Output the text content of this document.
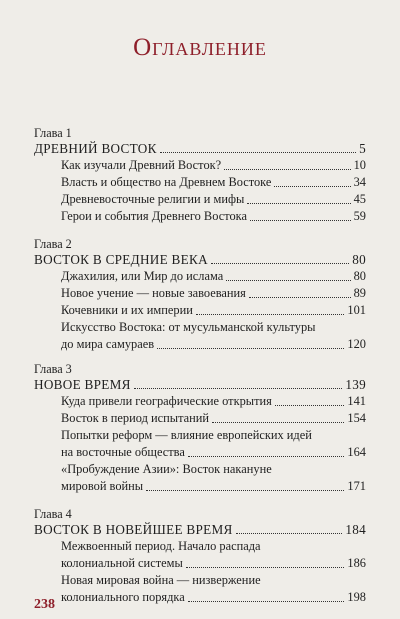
Оглавление
Глава 1
ДРЕВНИЙ ВОСТОК	5
Как изучали Древний Восток?	10
Власть и общество на Древнем Востоке	34
Древневосточные религии и мифы	45
Герои и события Древнего Востока	59
Глава 2
ВОСТОК В СРЕДНИЕ ВЕКА	80
Джахилия, или Мир до ислама	80
Новое учение — новые завоевания	89
Кочевники и их империи	101
Искусство Востока: от мусульманской культуры
до мира самураев	120
Глава 3
НОВОЕ ВРЕМЯ	139
Куда привели географические открытия	141
Восток в период испытаний	154
Попытки реформ — влияние европейских идей
на восточные общества	164
«Пробуждение Азии»: Восток накануне
мировой войны	171
Глава 4
ВОСТОК В НОВЕЙШЕЕ ВРЕМЯ	184
Межвоенный период. Начало распада
колониальной системы	186
Новая мировая война — низвержение
колониального порядка	198
238
